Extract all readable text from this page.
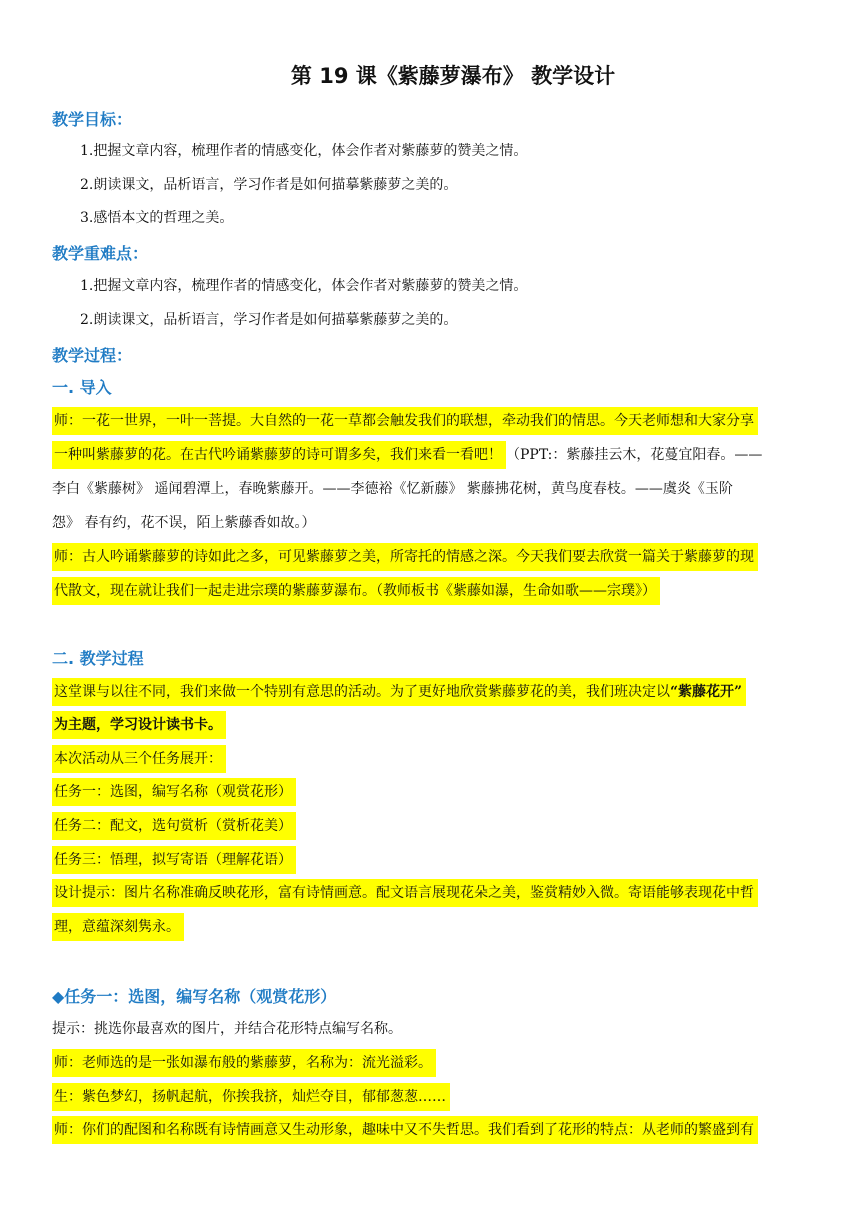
第 19 课《紫藤萝瀑布》 教学设计
教学目标：
1.把握文章内容，梳理作者的情感变化，体会作者对紫藤萝的赞美之情。
2.朗读课文，品析语言，学习作者是如何描摹紫藤萝之美的。
3.感悟本文的哲理之美。
教学重难点：
1.把握文章内容，梳理作者的情感变化，体会作者对紫藤萝的赞美之情。
2.朗读课文，品析语言，学习作者是如何描摹紫藤萝之美的。
教学过程：
一. 导入
师：一花一世界，一叶一菩提。大自然的一花一草都会触发我们的联想，牵动我们的情思。今天老师想和大家分享
一种叫紫藤萝的花。在古代吟诵紫藤萝的诗可谓多矣，我们来看一看吧！ （PPT:：紫藤挂云木，花蔓宜阳春。——
李白《紫藤树》 遥闻碧潭上，春晚紫藤开。——李德裕《忆新藤》 紫藤拂花树，黄鸟度春枝。——虞炎《玉阶
怨》 春有约，花不误，陌上紫藤香如故。）
师：古人吟诵紫藤萝的诗如此之多，可见紫藤萝之美，所寄托的情感之深。今天我们要去欣赏一篇关于紫藤萝的现
代散文，现在就让我们一起走进宗璞的紫藤萝瀑布。（教师板书《紫藤如瀑，生命如歌——宗璞》）
二. 教学过程
这堂课与以往不同，我们来做一个特别有意思的活动。为了更好地欣赏紫藤萝花的美，我们班决定以“紫藤花开”
为主题，学习设计读书卡。
本次活动从三个任务展开：
任务一：选图，编写名称（观赏花形）
任务二：配文，选句赏析（赏析花美）
任务三：悟理，拟写寄语（理解花语）
设计提示：图片名称准确反映花形，富有诗情画意。配文语言展现花朵之美，鉴赏精妙入微。寄语能够表现花中哲
理，意蕴深刻隽永。
◆任务一：选图，编写名称（观赏花形）
提示：挑选你最喜欢的图片，并结合花形特点编写名称。
师：老师选的是一张如瀑布般的紫藤萝，名称为：流光溢彩。
生：紫色梦幻，扬帆起航，你挨我挤，灿烂夺目，郁郁葱葱……
师：你们的配图和名称既有诗情画意又生动形象，趣味中又不失哲思。我们看到了花形的特点：从老师的繁盛到有
